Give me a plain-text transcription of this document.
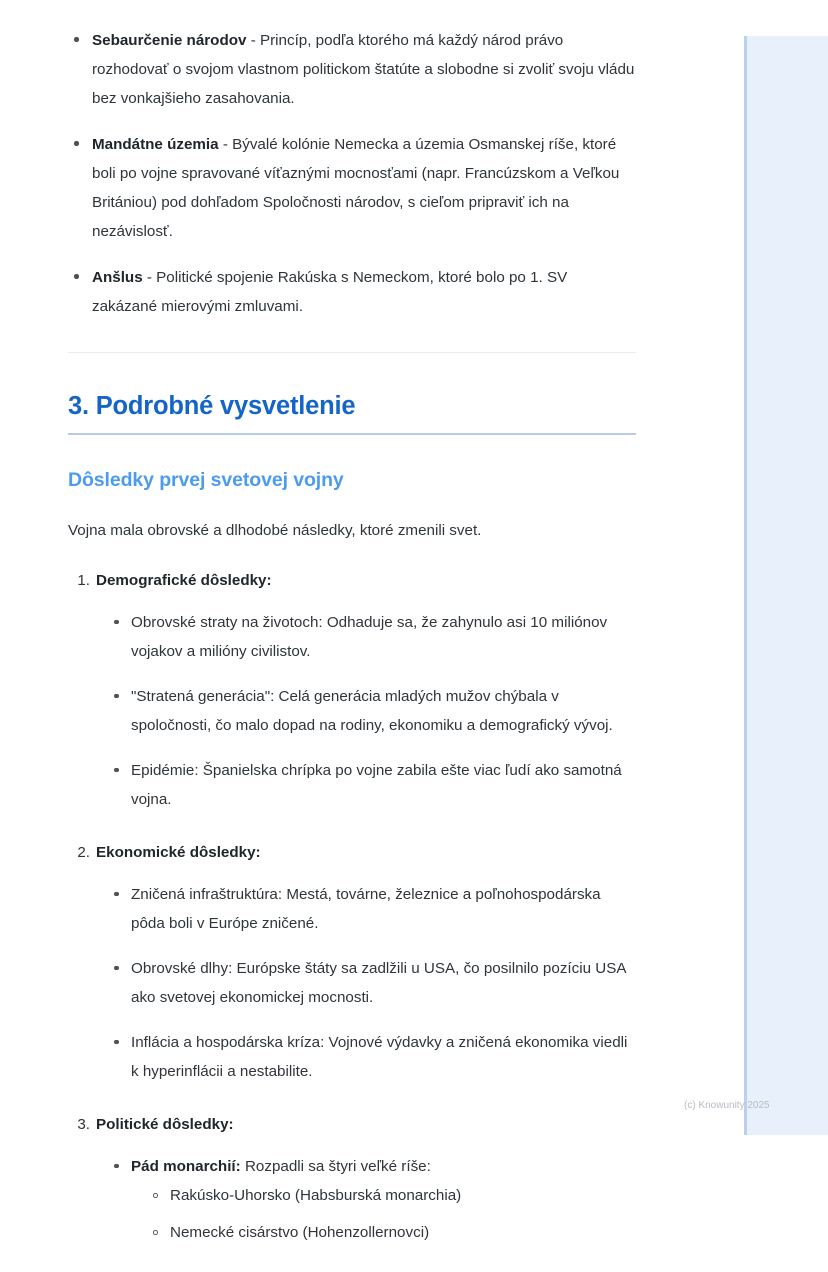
Sebaurčenie národov - Princíp, podľa ktorého má každý národ právo rozhodovať o svojom vlastnom politickom štatúte a slobodne si zvoliť svoju vládu bez vonkajšieho zasahovania.
Mandátne územia - Bývalé kolónie Nemecka a územia Osmanskej ríše, ktoré boli po vojne spravované víťaznými mocnosťami (napr. Francúzskom a Veľkou Britániou) pod dohľadom Spoločnosti národov, s cieľom pripraviť ich na nezávislosť.
Anšlus - Politické spojenie Rakúska s Nemeckom, ktoré bolo po 1. SV zakázané mierovými zmluvami.
3. Podrobné vysvetlenie
Dôsledky prvej svetovej vojny

Vojna mala obrovské a dlhodobé následky, ktoré zmenili svet.

1. Demografické dôsledky:
Obrovské straty na životoch: Odhaduje sa, že zahynulo asi 10 miliónov vojakov a milióny civilistov.
"Stratená generácia": Celá generácia mladých mužov chýbala v spoločnosti, čo malo dopad na rodiny, ekonomiku a demografický vývoj.
Epidémie: Španielska chrípka po vojne zabila ešte viac ľudí ako samotná vojna.
2. Ekonomické dôsledky:
Zničená infraštruktúra: Mestá, továrne, železnice a poľnohospodárska pôda boli v Európe zničené.
Obrovské dlhy: Európske štáty sa zadlžili u USA, čo posilnilo pozíciu USA ako svetovej ekonomickej mocnosti.
Inflácia a hospodárska kríza: Vojnové výdavky a zničená ekonomika viedli k hyperinflácii a nestabilite.
3. Politické dôsledky:
Pád monarchií: Rozpadli sa štyri veľké ríše:
Rakúsko-Uhorsko (Habsburská monarchia)
Nemecké cisárstvo (Hohenzollernovci)
(c) Knowunity 2025
